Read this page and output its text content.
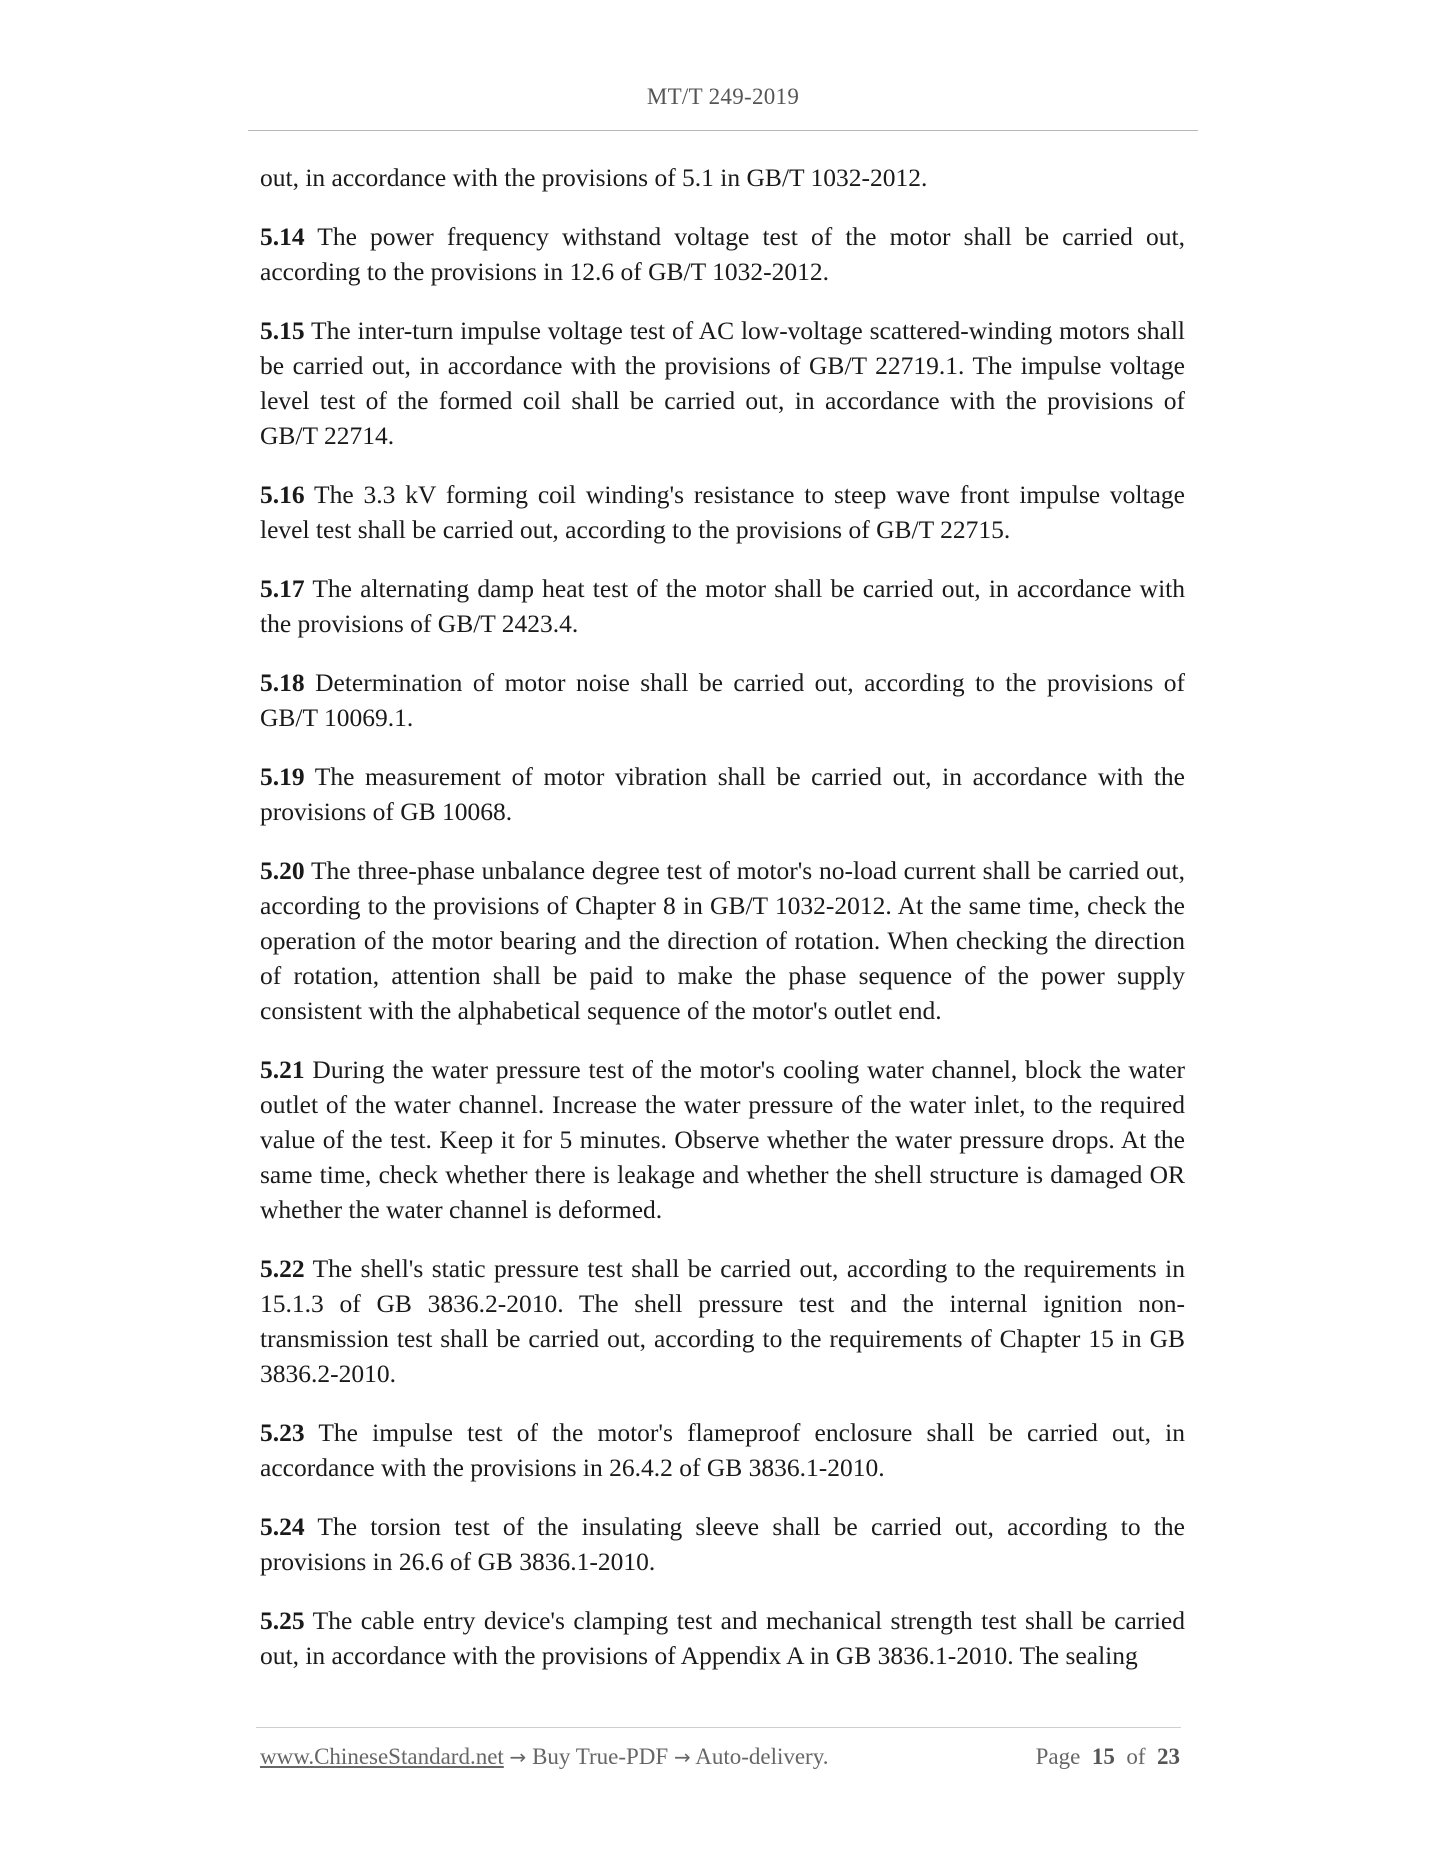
MT/T 249-2019

out, in accordance with the provisions of 5.1 in GB/T 1032-2012.

5.14 The power frequency withstand voltage test of the motor shall be carried out, according to the provisions in 12.6 of GB/T 1032-2012.

5.15 The inter-turn impulse voltage test of AC low-voltage scattered-winding motors shall be carried out, in accordance with the provisions of GB/T 22719.1. The impulse voltage level test of the formed coil shall be carried out, in accordance with the provisions of GB/T 22714.

5.16 The 3.3 kV forming coil winding's resistance to steep wave front impulse voltage level test shall be carried out, according to the provisions of GB/T 22715.

5.17 The alternating damp heat test of the motor shall be carried out, in accordance with the provisions of GB/T 2423.4.

5.18 Determination of motor noise shall be carried out, according to the provisions of GB/T 10069.1.

5.19 The measurement of motor vibration shall be carried out, in accordance with the provisions of GB 10068.

5.20 The three-phase unbalance degree test of motor's no-load current shall be carried out, according to the provisions of Chapter 8 in GB/T 1032-2012. At the same time, check the operation of the motor bearing and the direction of rotation. When checking the direction of rotation, attention shall be paid to make the phase sequence of the power supply consistent with the alphabetical sequence of the motor's outlet end.

5.21 During the water pressure test of the motor's cooling water channel, block the water outlet of the water channel. Increase the water pressure of the water inlet, to the required value of the test. Keep it for 5 minutes. Observe whether the water pressure drops. At the same time, check whether there is leakage and whether the shell structure is damaged OR whether the water channel is deformed.

5.22 The shell's static pressure test shall be carried out, according to the requirements in 15.1.3 of GB 3836.2-2010. The shell pressure test and the internal ignition non-transmission test shall be carried out, according to the requirements of Chapter 15 in GB 3836.2-2010.

5.23 The impulse test of the motor's flameproof enclosure shall be carried out, in accordance with the provisions in 26.4.2 of GB 3836.1-2010.

5.24 The torsion test of the insulating sleeve shall be carried out, according to the provisions in 26.6 of GB 3836.1-2010.

5.25 The cable entry device's clamping test and mechanical strength test shall be carried out, in accordance with the provisions of Appendix A in GB 3836.1-2010. The sealing

www.ChineseStandard.net → Buy True-PDF → Auto-delivery.	Page 15 of 23
